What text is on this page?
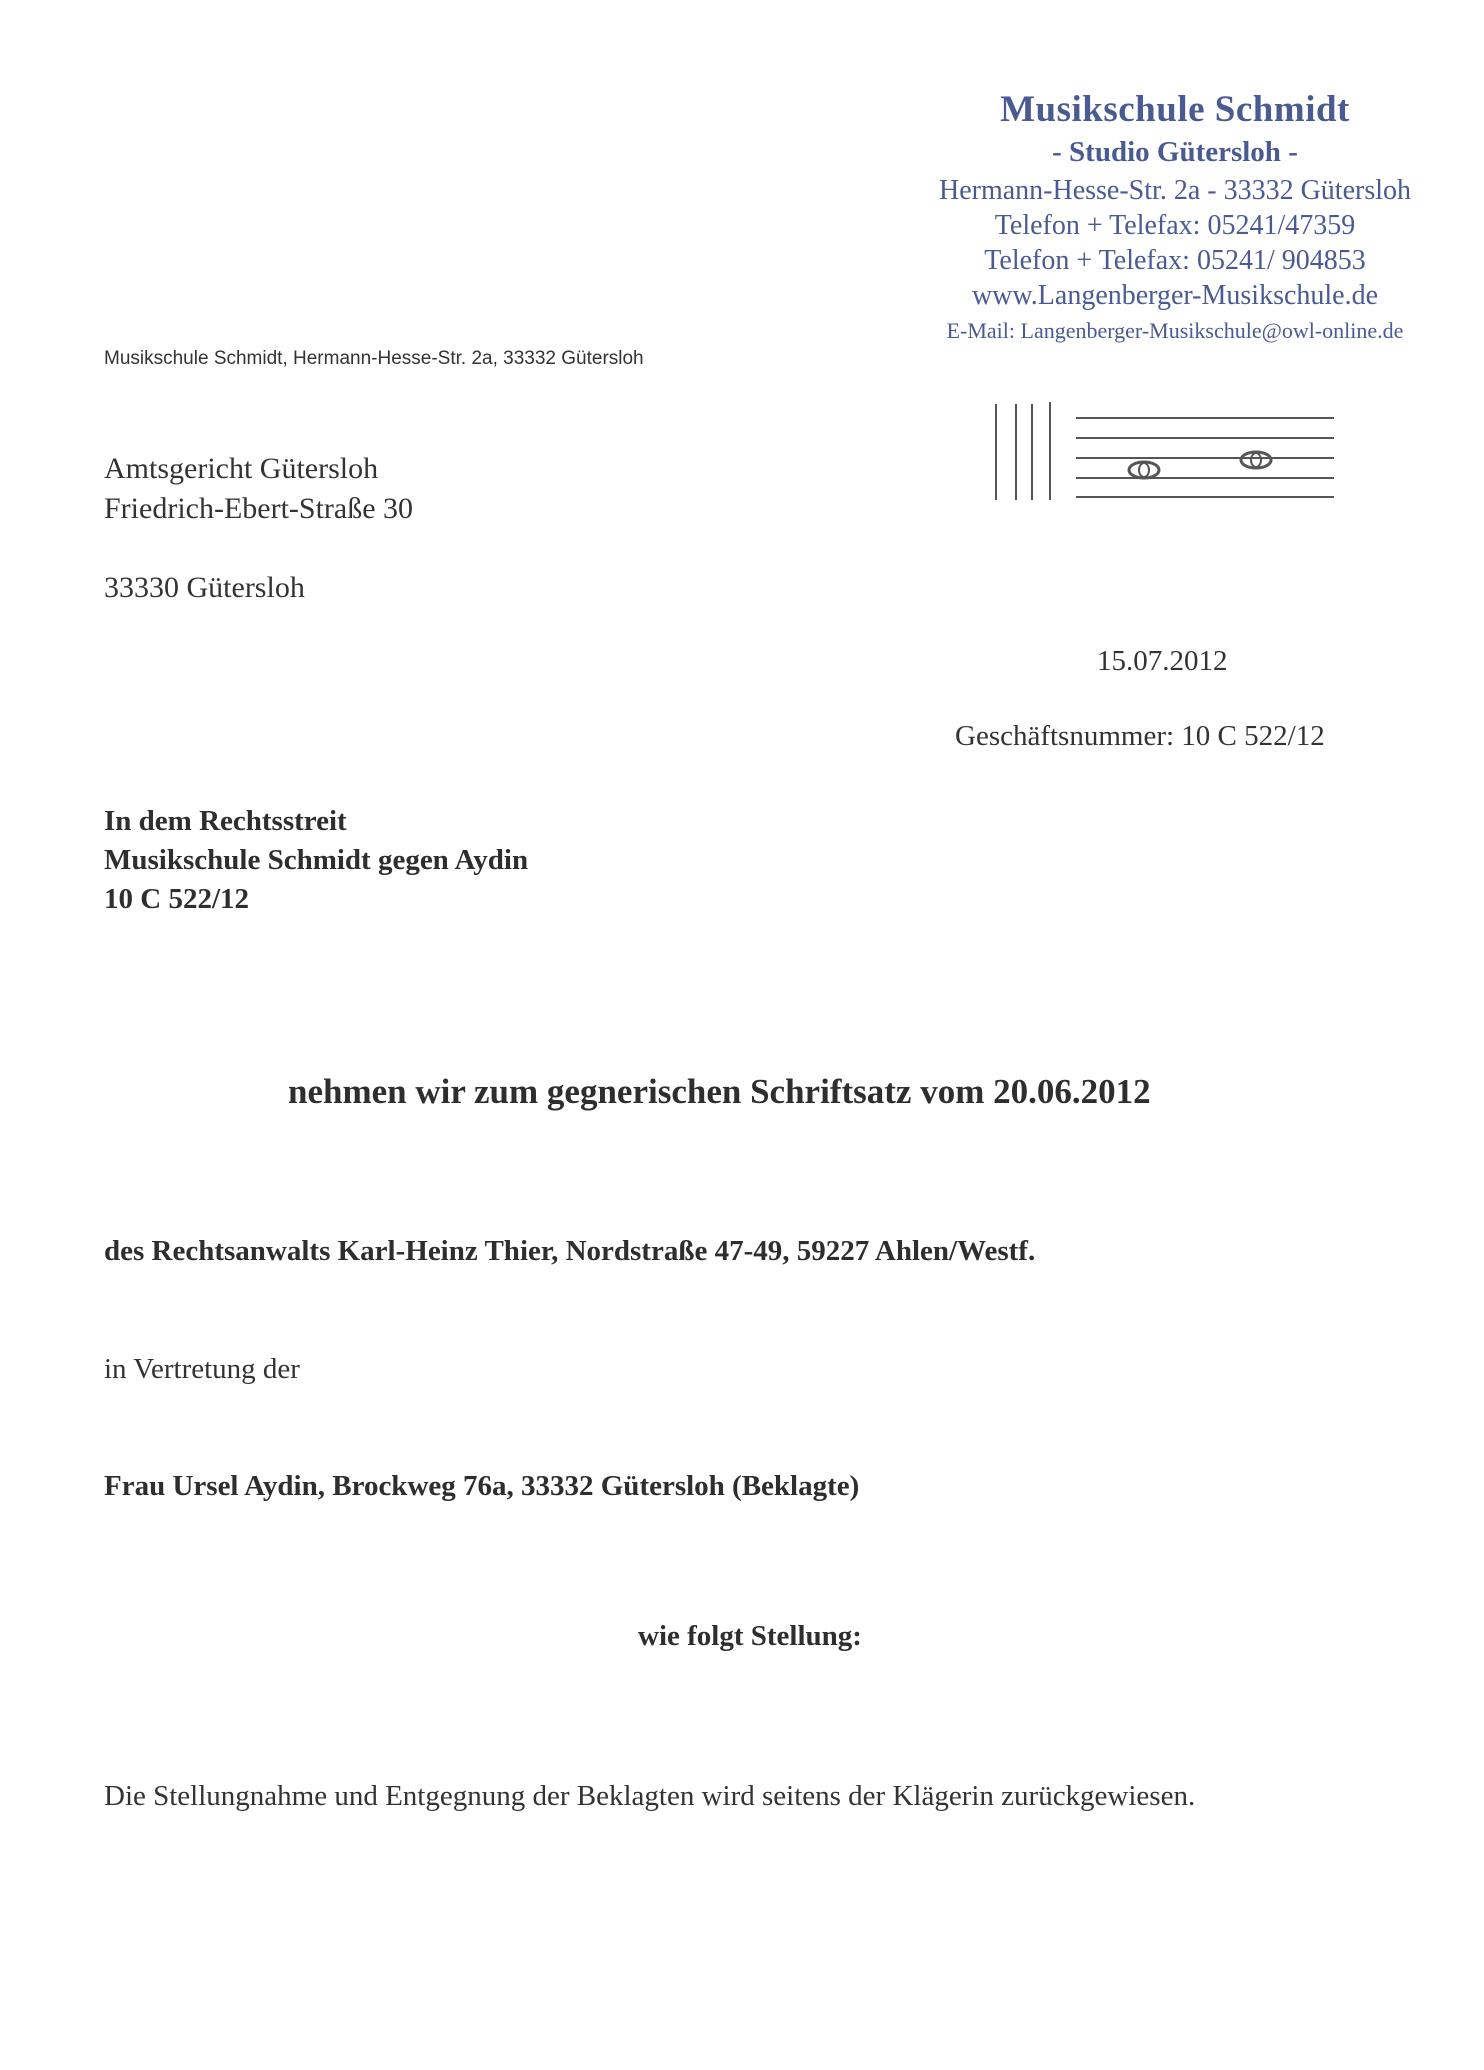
Musikschule Schmidt
- Studio Gütersloh -
Hermann-Hesse-Str. 2a - 33332 Gütersloh
Telefon + Telefax: 05241/47359
Telefon + Telefax: 05241/ 904853
www.Langenberger-Musikschule.de
E-Mail: Langenberger-Musikschule@owl-online.de
Musikschule Schmidt, Hermann-Hesse-Str. 2a, 33332 Gütersloh
Amtsgericht Gütersloh
Friedrich-Ebert-Straße 30
33330 Gütersloh
15.07.2012
Geschäftsnummer: 10 C 522/12
In dem Rechtsstreit
Musikschule Schmidt gegen Aydin
10 C 522/12
nehmen wir zum gegnerischen Schriftsatz vom 20.06.2012
des Rechtsanwalts Karl-Heinz Thier, Nordstraße 47-49, 59227 Ahlen/Westf.
in Vertretung der
Frau Ursel Aydin, Brockweg 76a, 33332 Gütersloh (Beklagte)
wie folgt Stellung:
Die Stellungnahme und Entgegnung der Beklagten wird seitens der Klägerin zurückgewiesen.
